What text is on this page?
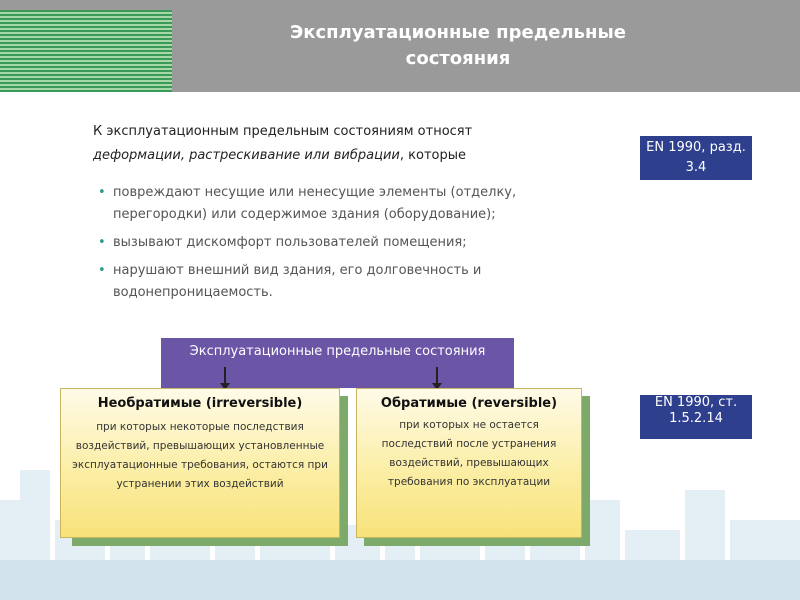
Эксплуатационные предельные состояния
К эксплуатационным предельным состояниям относят
деформации, растрескивание или вибрации, которые
• повреждают несущие или ненесущие элементы (отделку, перегородки) или содержимое здания (оборудование);
• вызывают дискомфорт пользователей помещения;
• нарушают внешний вид здания, его долговечность и водонепроницаемость.
EN 1990, разд. 3.4
EN 1990, ст. 1.5.2.14
Эксплуатационные предельные состояния
Необратимые (irreversible)
при которых некоторые последствия воздействий, превышающих установленные эксплуатационные требования, остаются при устранении этих воздействий
Обратимые (reversible)
при которых не остается последствий после устранения воздействий, превышающих требования по эксплуатации
